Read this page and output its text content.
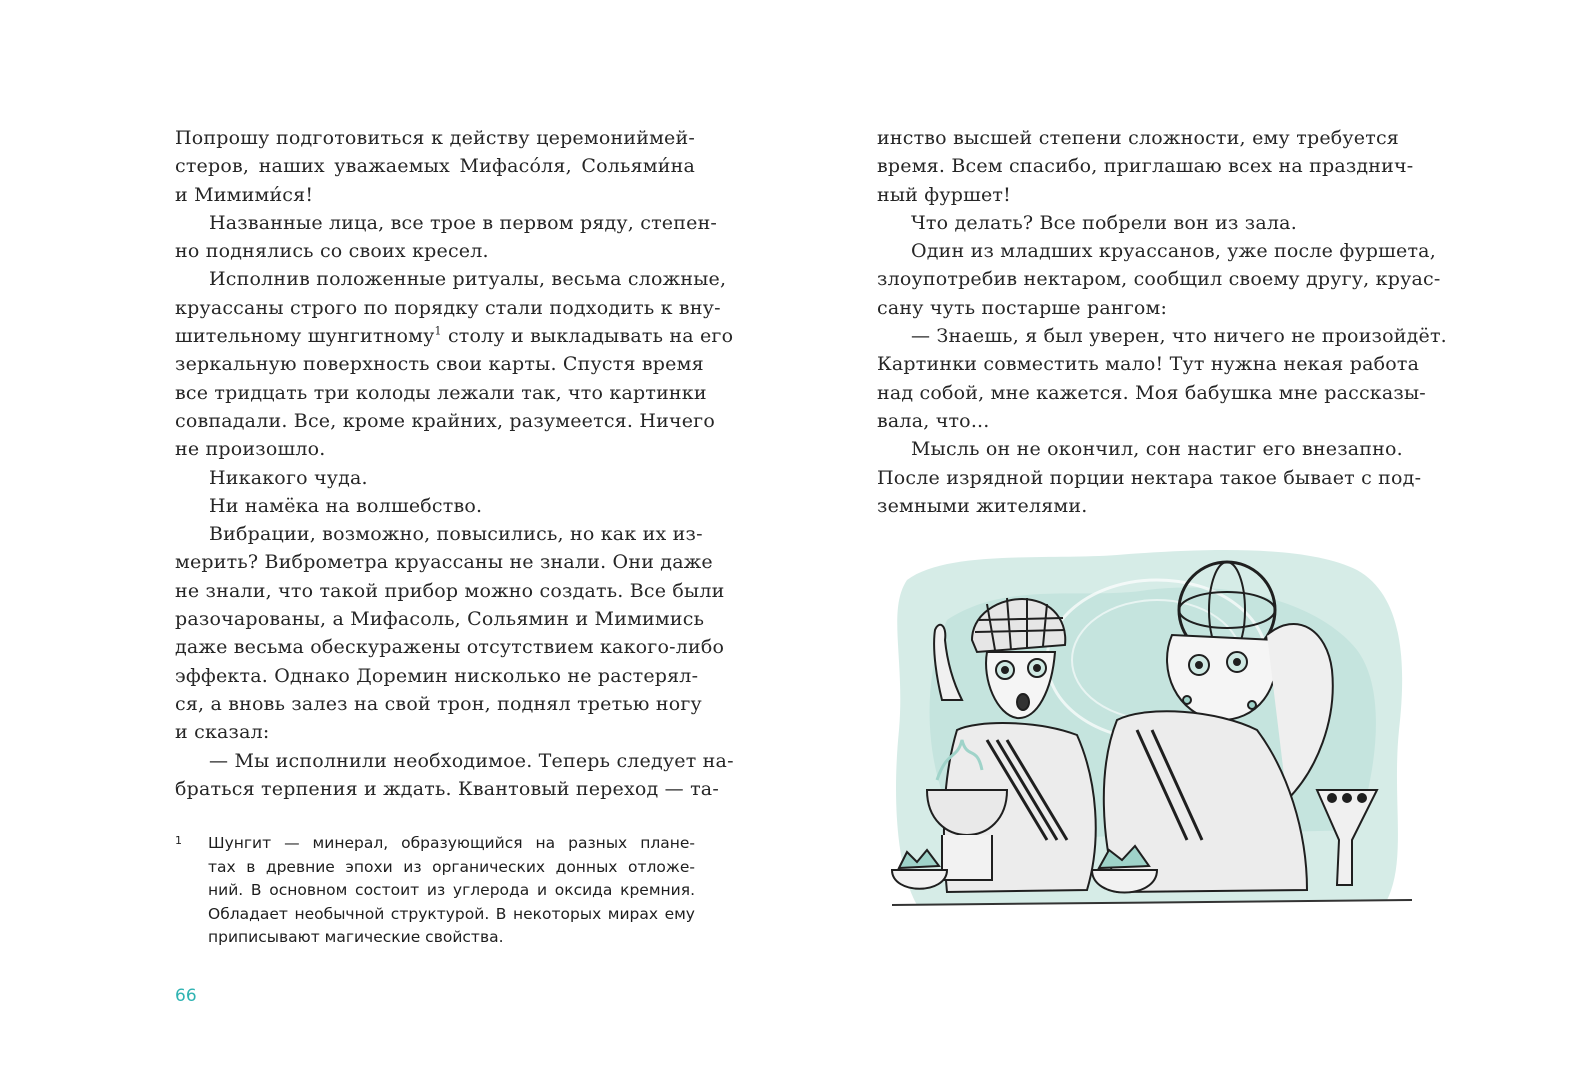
Попрошу подготовиться к действу церемониймей-
стеров, наших уважаемых Мифасо́ля, Сольями́на
и Мимими́ся!
Названные лица, все трое в первом ряду, степен-
но поднялись со своих кресел.
Исполнив положенные ритуалы, весьма сложные,
круассаны строго по порядку стали подходить к вну-
шительному шунгитному$^1$ столу и выкладывать на его
зеркальную поверхность свои карты. Спустя время
все тридцать три колоды лежали так, что картинки
совпадали. Все, кроме крайних, разумеется. Ничего
не произошло.
Никакого чуда.
Ни намёка на волшебство.
Вибрации, возможно, повысились, но как их из-
мерить? Виброметра круассаны не знали. Они даже
не знали, что такой прибор можно создать. Все были
разочарованы, а Мифасоль, Сольямин и Мимимись
даже весьма обескуражены отсутствием какого-либо
эффекта. Однако Доремин нисколько не растерял-
ся, а вновь залез на свой трон, поднял третью ногу
и сказал:
— Мы исполнили необходимое. Теперь следует на-
браться терпения и ждать. Квантовый переход — та-
1 Шунгит — минерал, образующийся на разных плане-
тах в древние эпохи из органических донных отложе-
ний. В основном состоит из углерода и оксида кремния.
Обладает необычной структурой. В некоторых мирах ему
приписывают магические свойства.
66
инство высшей степени сложности, ему требуется
время. Всем спасибо, приглашаю всех на празднич-
ный фуршет!
Что делать? Все побрели вон из зала.
Один из младших круассанов, уже после фуршета,
злоупотребив нектаром, сообщил своему другу, круас-
сану чуть постарше рангом:
— Знаешь, я был уверен, что ничего не произойдёт.
Картинки совместить мало! Тут нужна некая работа
над собой, мне кажется. Моя бабушка мне рассказы-
вала, что...
Мысль он не окончил, сон настиг его внезапно.
После изрядной порции нектара такое бывает с под-
земными жителями.
